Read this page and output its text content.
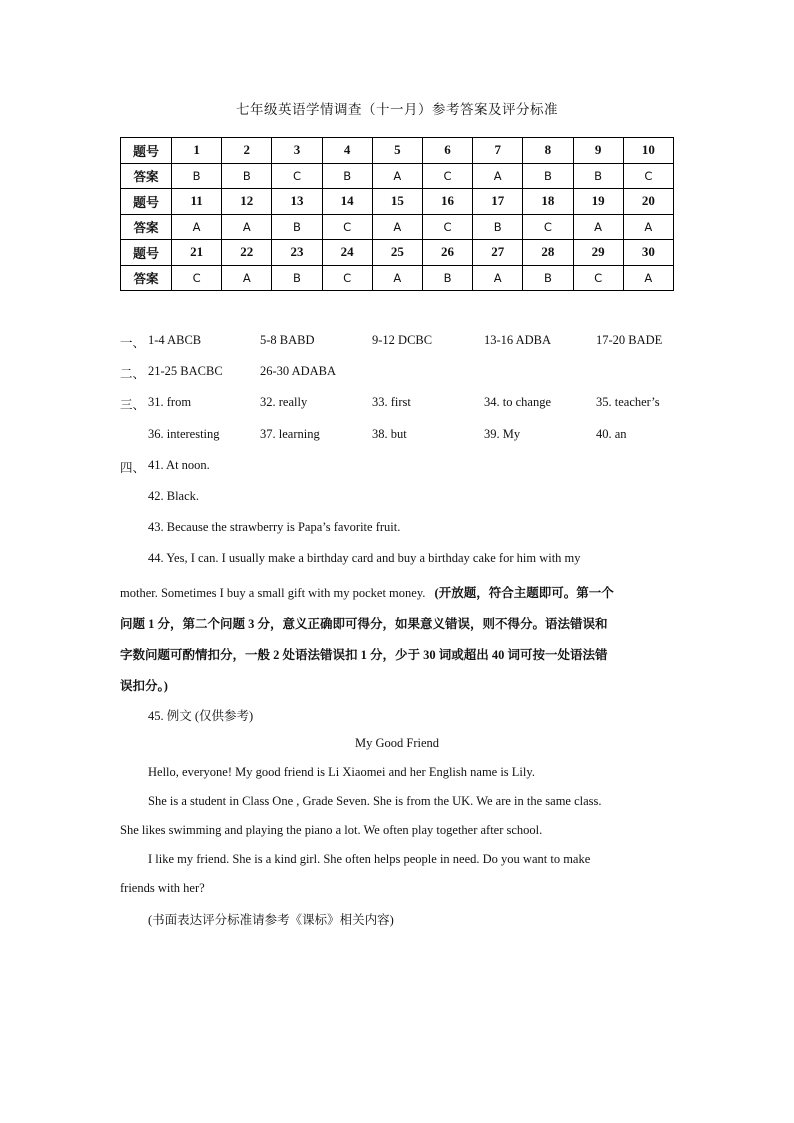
七年级英语学情调查（十一月）参考答案及评分标准
题号	1	2	3	4	5	6	7	8	9	10
答案	B	B	C	B	A	C	A	B	B	C
题号	11	12	13	14	15	16	17	18	19	20
答案	A	A	B	C	A	C	B	C	A	A
题号	21	22	23	24	25	26	27	28	29	30
答案	C	A	B	C	A	B	A	B	C	A
一、 1-4 ABCB	5-8 BABD	9-12 DCBC	13-16 ADBA	17-20 BADE
二、 21-25 BACBC	26-30 ADABA
三、 31. from	32. really	33. first	34. to change	35. teacher’s
36. interesting	37. learning	38. but	39. My	40. an
四、 41. At noon.
42. Black.
43. Because the strawberry is Papa’s favorite fruit.
44. Yes, I can. I usually make a birthday card and buy a birthday cake for him with my
mother. Sometimes I buy a small gift with my pocket money. (开放题，符合主题即可。第一个
问题 1 分，第二个问题 3 分，意义正确即可得分，如果意义错误，则不得分。语法错误和
字数问题可酌情扣分，一般 2 处语法错误扣 1 分，少于 30 词或超出 40 词可按一处语法错
误扣分。)
45. 例文 (仅供参考)
My Good Friend
Hello, everyone! My good friend is Li Xiaomei and her English name is Lily.
She is a student in Class One , Grade Seven. She is from the UK. We are in the same class.
She likes swimming and playing the piano a lot. We often play together after school.
I like my friend. She is a kind girl. She often helps people in need. Do you want to make
friends with her?
(书面表达评分标准请参考《课标》相关内容)
